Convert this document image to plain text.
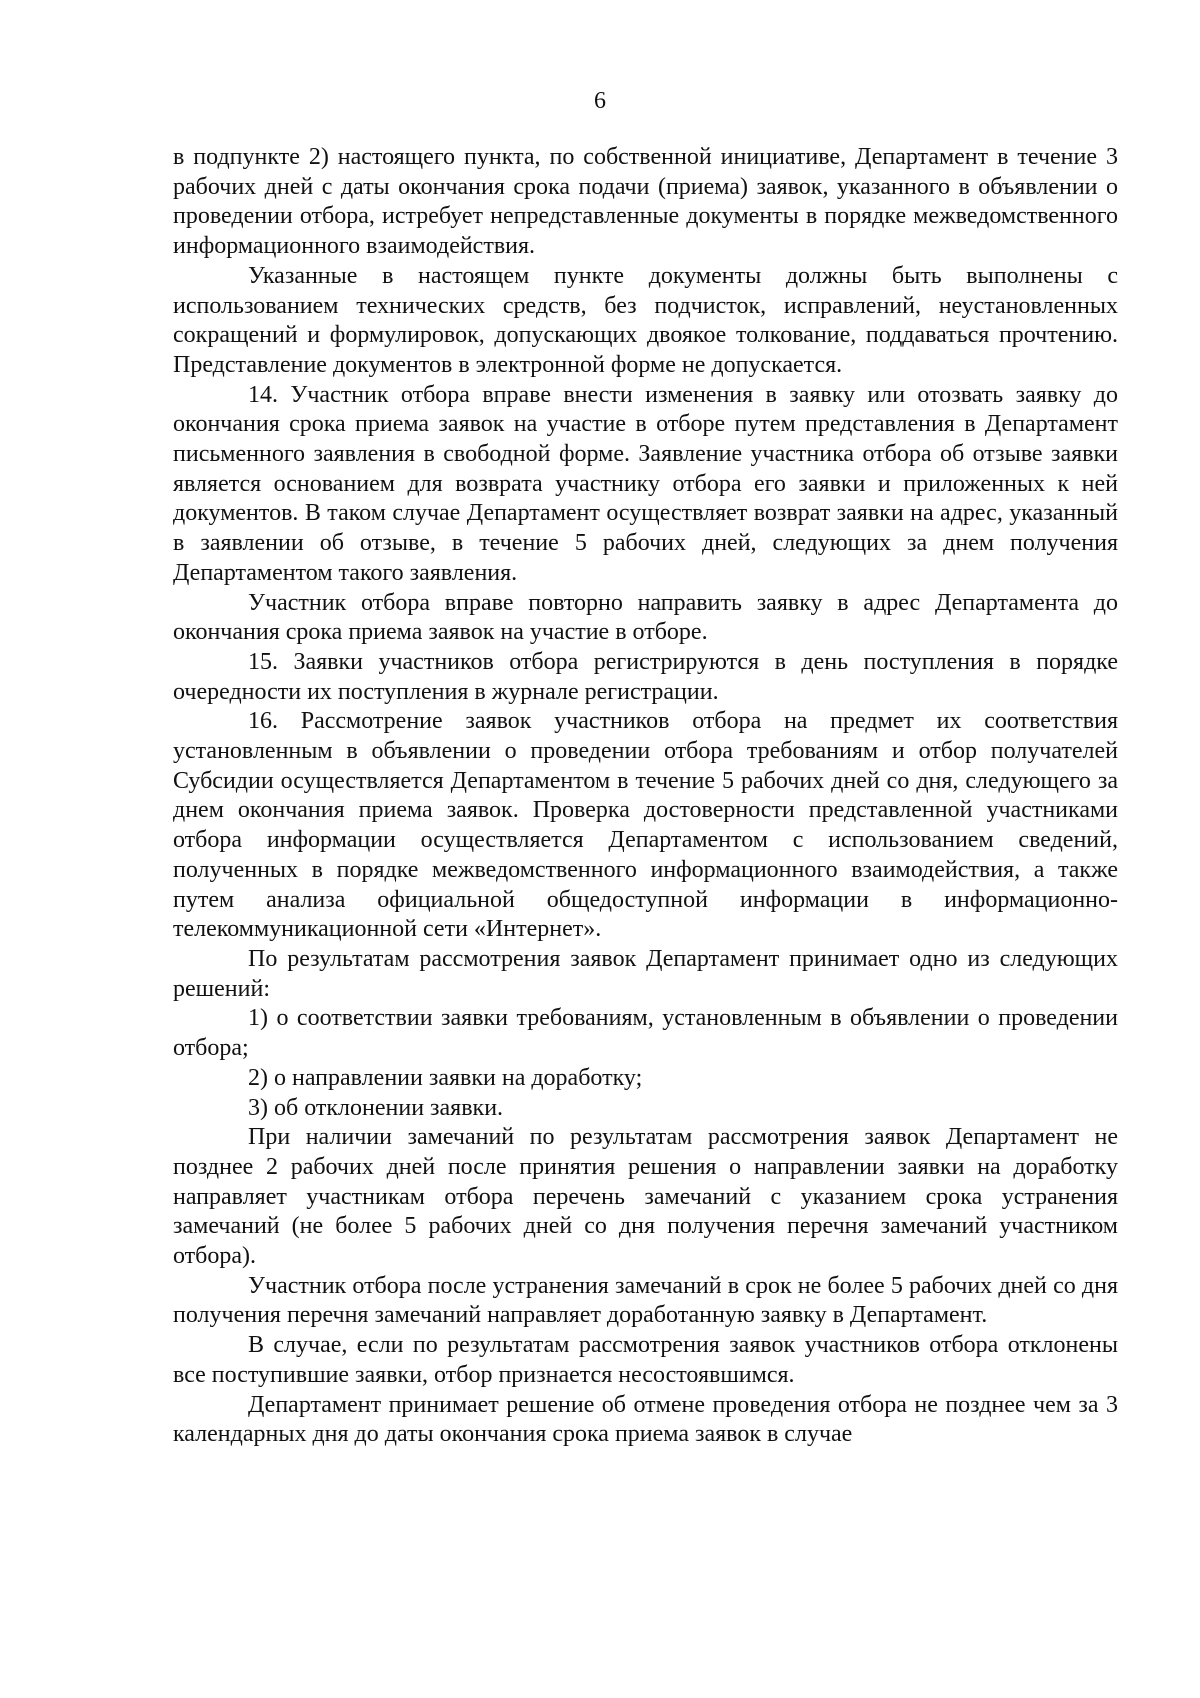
6

в подпункте 2) настоящего пункта, по собственной инициативе, Департамент в течение 3 рабочих дней с даты окончания срока подачи (приема) заявок, указанного в объявлении о проведении отбора, истребует непредставленные документы в порядке межведомственного информационного взаимодействия.

Указанные в настоящем пункте документы должны быть выполнены с использованием технических средств, без подчисток, исправлений, неустановленных сокращений и формулировок, допускающих двоякое толкование, поддаваться прочтению. Представление документов в электронной форме не допускается.

14. Участник отбора вправе внести изменения в заявку или отозвать заявку до окончания срока приема заявок на участие в отборе путем представления в Департамент письменного заявления в свободной форме. Заявление участника отбора об отзыве заявки является основанием для возврата участнику отбора его заявки и приложенных к ней документов. В таком случае Департамент осуществляет возврат заявки на адрес, указанный в заявлении об отзыве, в течение 5 рабочих дней, следующих за днем получения Департаментом такого заявления.

Участник отбора вправе повторно направить заявку в адрес Департамента до окончания срока приема заявок на участие в отборе.

15. Заявки участников отбора регистрируются в день поступления в порядке очередности их поступления в журнале регистрации.

16. Рассмотрение заявок участников отбора на предмет их соответствия установленным в объявлении о проведении отбора требованиям и отбор получателей Субсидии осуществляется Департаментом в течение 5 рабочих дней со дня, следующего за днем окончания приема заявок. Проверка достоверности представленной участниками отбора информации осуществляется Департаментом с использованием сведений, полученных в порядке межведомственного информационного взаимодействия, а также путем анализа официальной общедоступной информации в информационно-телекоммуникационной сети «Интернет».

По результатам рассмотрения заявок Департамент принимает одно из следующих решений:

1) о соответствии заявки требованиям, установленным в объявлении о проведении отбора;

2) о направлении заявки на доработку;

3) об отклонении заявки.

При наличии замечаний по результатам рассмотрения заявок Департамент не позднее 2 рабочих дней после принятия решения о направлении заявки на доработку направляет участникам отбора перечень замечаний с указанием срока устранения замечаний (не более 5 рабочих дней со дня получения перечня замечаний участником отбора).

Участник отбора после устранения замечаний в срок не более 5 рабочих дней со дня получения перечня замечаний направляет доработанную заявку в Департамент.

В случае, если по результатам рассмотрения заявок участников отбора отклонены все поступившие заявки, отбор признается несостоявшимся.

Департамент принимает решение об отмене проведения отбора не позднее чем за 3 календарных дня до даты окончания срока приема заявок в случае
